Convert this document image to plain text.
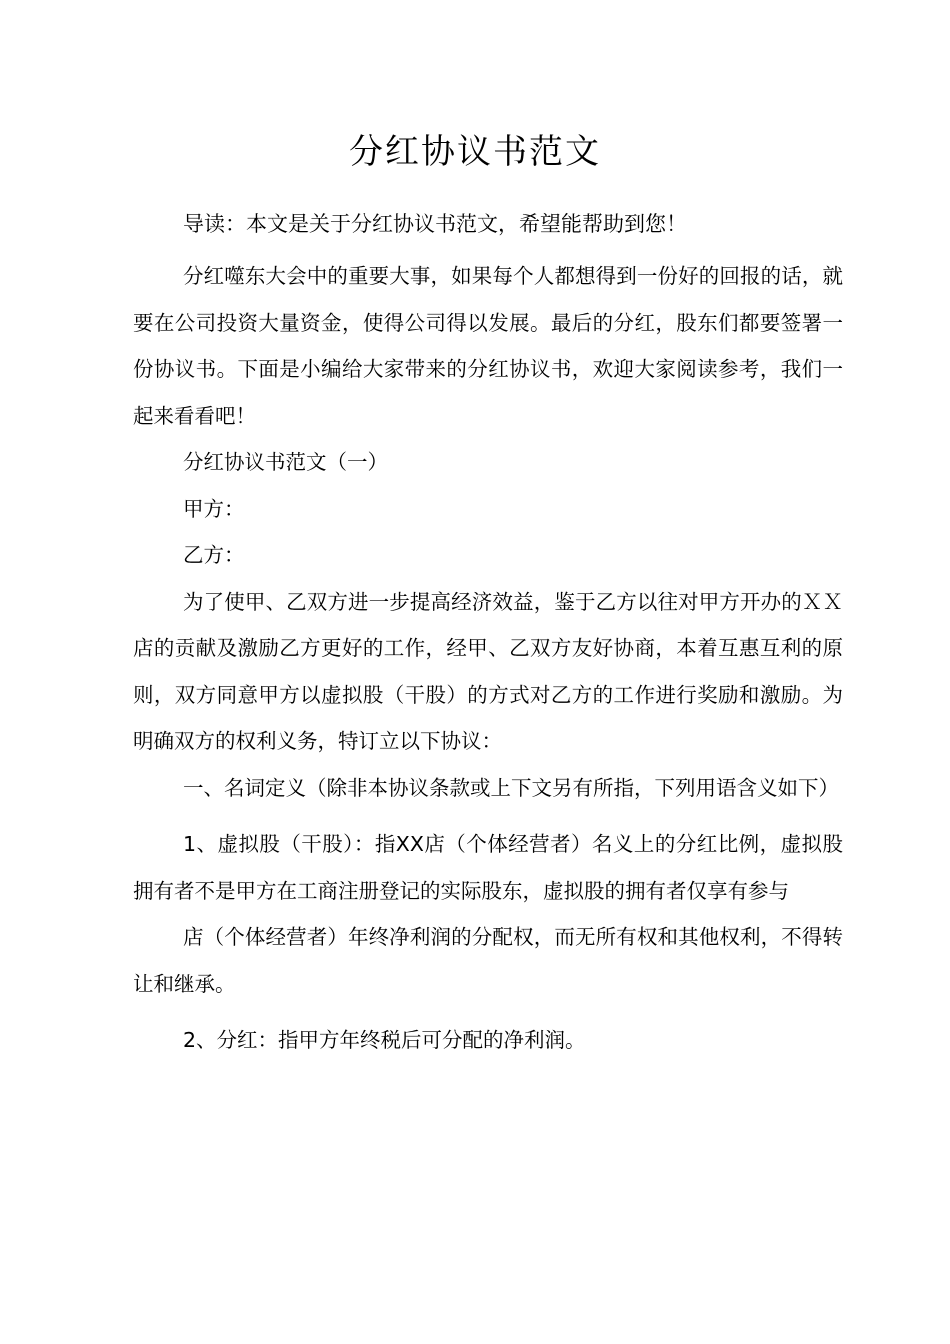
分红协议书范文

导读：本文是关于分红协议书范文，希望能帮助到您！

分红噬东大会中的重要大事，如果每个人都想得到一份好的回报的话，就要在公司投资大量资金，使得公司得以发展。最后的分红，股东们都要签署一份协议书。下面是小编给大家带来的分红协议书，欢迎大家阅读参考，我们一起来看看吧！

分红协议书范文（一）

甲方：

乙方：

为了使甲、乙双方进一步提高经济效益，鉴于乙方以往对甲方开办的ＸＸ店的贡献及激励乙方更好的工作，经甲、乙双方友好协商，本着互惠互利的原则，双方同意甲方以虚拟股（干股）的方式对乙方的工作进行奖励和激励。为明确双方的权利义务，特订立以下协议：

一、名词定义（除非本协议条款或上下文另有所指，下列用语含义如下）

1、虚拟股（干股）：指XX店（个体经营者）名义上的分红比例，虚拟股拥有者不是甲方在工商注册登记的实际股东，虚拟股的拥有者仅享有参与

店（个体经营者）年终净利润的分配权，而无所有权和其他权利，不得转让和继承。

2、分红：指甲方年终税后可分配的净利润。
